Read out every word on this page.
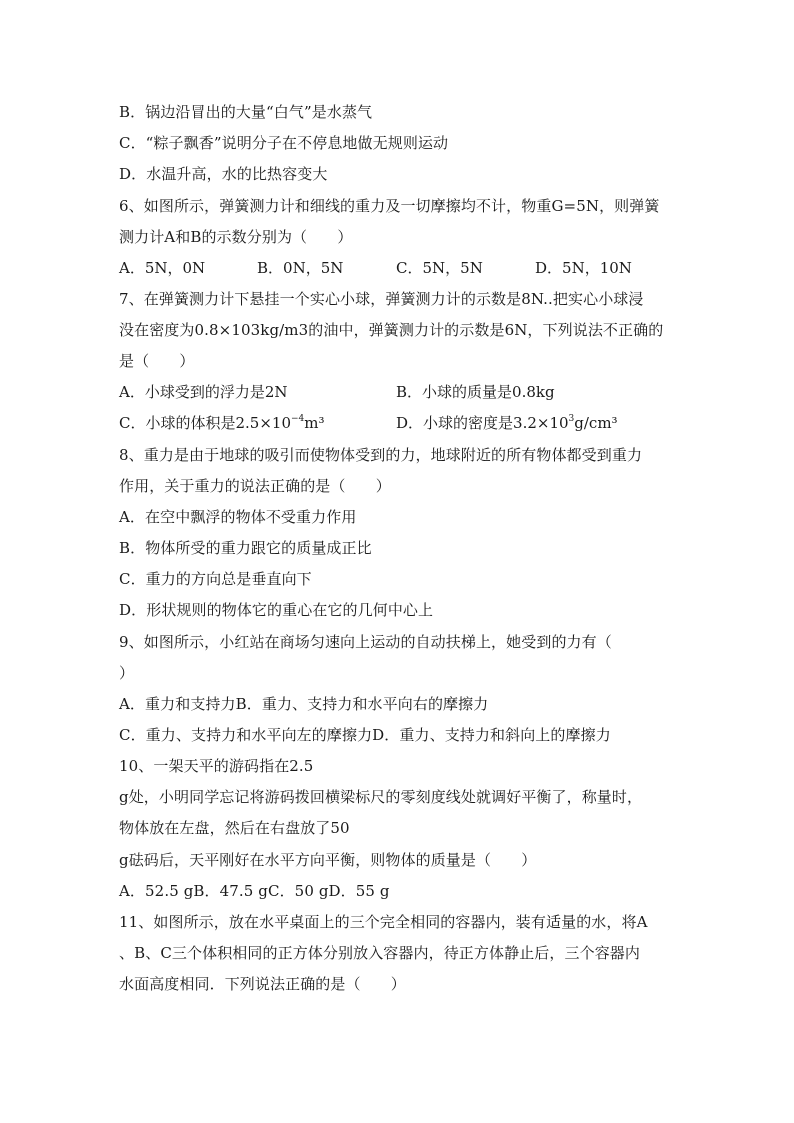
B．锅边沿冒出的大量“白气”是水蒸气
C．“粽子飘香”说明分子在不停息地做无规则运动
D．水温升高，水的比热容变大
6、如图所示，弹簧测力计和细线的重力及一切摩擦均不计，物重G=5N，则弹簧
测力计A和B的示数分别为（　　）
A．5N，0N	B．0N，5N	C．5N，5N	D．5N，10N
7、在弹簧测力计下悬挂一个实心小球，弹簧测力计的示数是8N..把实心小球浸
没在密度为0.8×103kg/m3的油中，弹簧测力计的示数是6N，下列说法不正确的
是（　　）
A．小球受到的浮力是2N	B．小球的质量是0.8kg
C．小球的体积是$2.5\times 10^{-4}m^3$	D．小球的密度是$3.2\times 10^3g$/cm³
8、重力是由于地球的吸引而使物体受到的力，地球附近的所有物体都受到重力
作用，关于重力的说法正确的是（　　）
A．在空中飘浮的物体不受重力作用
B．物体所受的重力跟它的质量成正比
C．重力的方向总是垂直向下
D．形状规则的物体它的重心在它的几何中心上
9、如图所示，小红站在商场匀速向上运动的自动扶梯上，她受到的力有（
）
A．重力和支持力B．重力、支持力和水平向右的摩擦力
C．重力、支持力和水平向左的摩擦力D．重力、支持力和斜向上的摩擦力
10、一架天平的游码指在2.5
g处，小明同学忘记将游码拨回横梁标尺的零刻度线处就调好平衡了，称量时，
物体放在左盘，然后在右盘放了50
g砝码后，天平刚好在水平方向平衡，则物体的质量是（　　）
A．52.5 gB．47.5 gC．50 gD．55 g
11、如图所示，放在水平桌面上的三个完全相同的容器内，装有适量的水，将A
、B、C三个体积相同的正方体分别放入容器内，待正方体静止后，三个容器内
水面高度相同．下列说法正确的是（　　）
